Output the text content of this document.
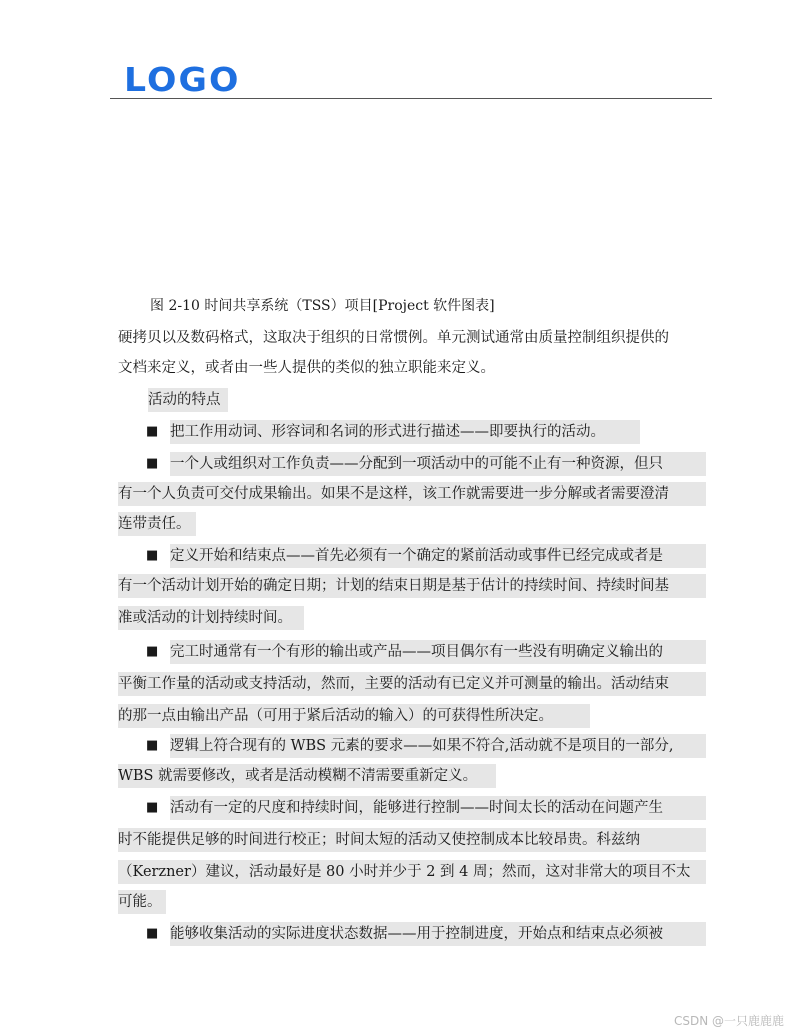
LOGO
图 2-10 时间共享系统（TSS）项目[Project 软件图表]
硬拷贝以及数码格式，这取决于组织的日常惯例。单元测试通常由质量控制组织提供的
文档来定义，或者由一些人提供的类似的独立职能来定义。
活动的特点
■ 把工作用动词、形容词和名词的形式进行描述——即要执行的活动。
■ 一个人或组织对工作负责——分配到一项活动中的可能不止有一种资源，但只
有一个人负责可交付成果输出。如果不是这样，该工作就需要进一步分解或者需要澄清
连带责任。
■ 定义开始和结束点——首先必须有一个确定的紧前活动或事件已经完成或者是
有一个活动计划开始的确定日期；计划的结束日期是基于估计的持续时间、持续时间基
准或活动的计划持续时间。
■ 完工时通常有一个有形的输出或产品——项目偶尔有一些没有明确定义输出的
平衡工作量的活动或支持活动，然而，主要的活动有已定义并可测量的输出。活动结束
的那一点由输出产品（可用于紧后活动的输入）的可获得性所决定。
■ 逻辑上符合现有的 WBS 元素的要求——如果不符合,活动就不是项目的一部分,
WBS 就需要修改，或者是活动模糊不清需要重新定义。
■ 活动有一定的尺度和持续时间，能够进行控制——时间太长的活动在问题产生
时不能提供足够的时间进行校正；时间太短的活动又使控制成本比较昂贵。科兹纳
（Kerzner）建议，活动最好是 80 小时并少于 2 到 4 周；然而，这对非常大的项目不太
可能。
■ 能够收集活动的实际进度状态数据——用于控制进度，开始点和结束点必须被
CSDN @一只鹿鹿鹿
